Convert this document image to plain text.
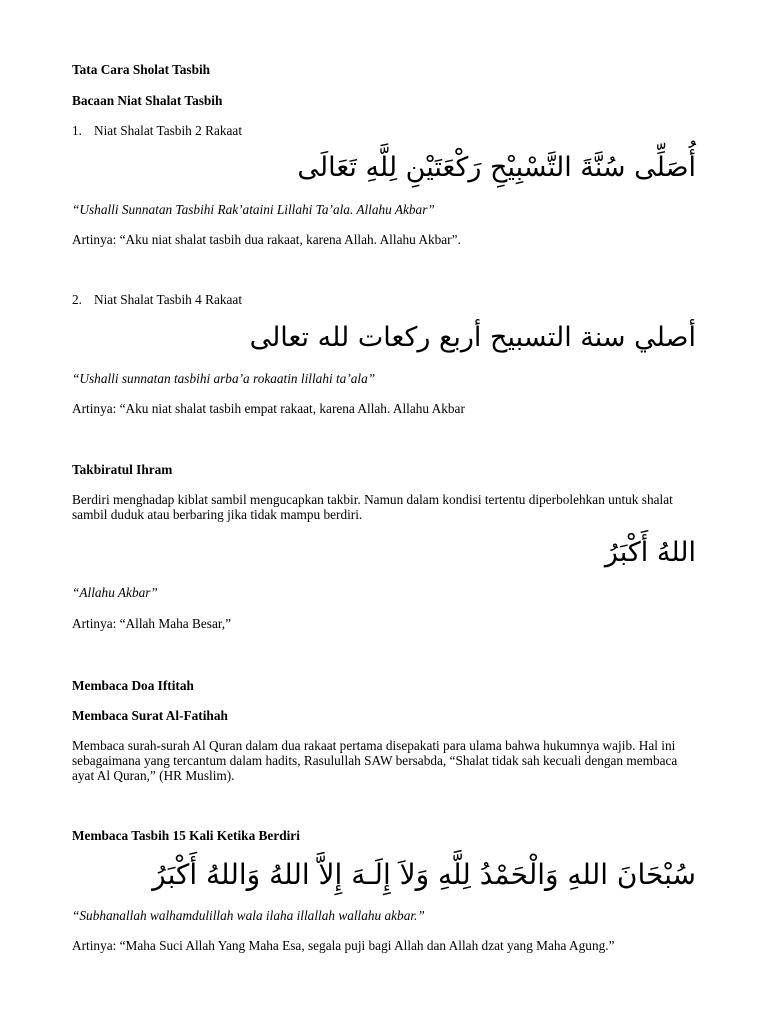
Tata Cara Sholat Tasbih

Bacaan Niat Shalat Tasbih

1. Niat Shalat Tasbih 2 Rakaat

أُصَلِّى سُنَّةَ التَّسْبِيْحِ رَكْعَتَيْنِ لِلَّهِ تَعَالَى

“Ushalli Sunnatan Tasbihi Rak’ataini Lillahi Ta’ala. Allahu Akbar”

Artinya: “Aku niat shalat tasbih dua rakaat, karena Allah. Allahu Akbar”.

2. Niat Shalat Tasbih 4 Rakaat

أصلي سنة التسبيح أربع ركعات لله تعالى

“Ushalli sunnatan tasbihi arba’a rokaatin lillahi ta’ala”

Artinya: “Aku niat shalat tasbih empat rakaat, karena Allah. Allahu Akbar

Takbiratul Ihram

Berdiri menghadap kiblat sambil mengucapkan takbir. Namun dalam kondisi tertentu diperbolehkan untuk shalat sambil duduk atau berbaring jika tidak mampu berdiri.

اللهُ أَكْبَرُ

“Allahu Akbar”

Artinya: “Allah Maha Besar,”

Membaca Doa Iftitah

Membaca Surat Al-Fatihah

Membaca surah-surah Al Quran dalam dua rakaat pertama disepakati para ulama bahwa hukumnya wajib. Hal ini sebagaimana yang tercantum dalam hadits, Rasulullah SAW bersabda, “Shalat tidak sah kecuali dengan membaca ayat Al Quran,” (HR Muslim).

Membaca Tasbih 15 Kali Ketika Berdiri

سُبْحَانَ اللهِ وَالْحَمْدُ لِلَّهِ وَلاَ إِلَـهَ إِلاَّ اللهُ وَاللهُ أَكْبَرُ

“Subhanallah walhamdulillah wala ilaha illallah wallahu akbar.”

Artinya: “Maha Suci Allah Yang Maha Esa, segala puji bagi Allah dan Allah dzat yang Maha Agung.”
